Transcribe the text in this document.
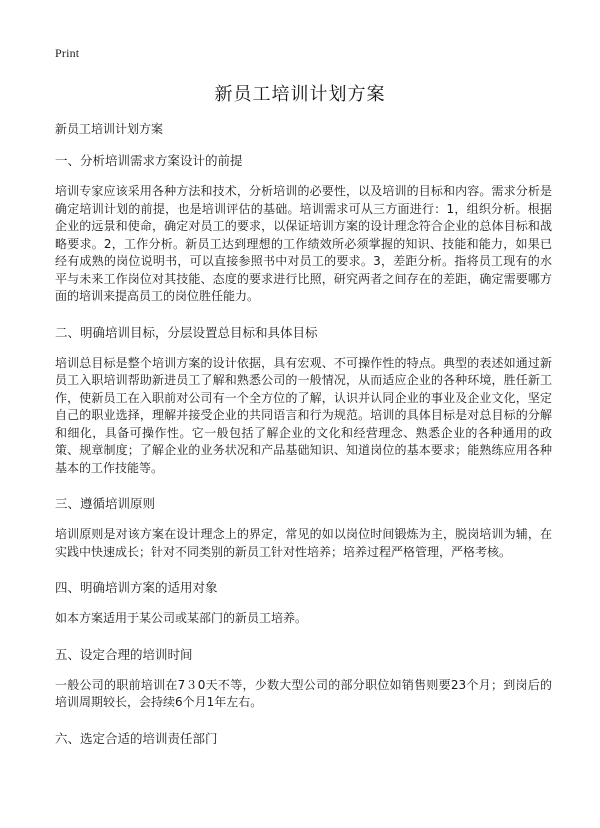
Print
新员工培训计划方案

新员工培训计划方案

一、分析培训需求方案设计的前提

培训专家应该采用各种方法和技术，分析培训的必要性，以及培训的目标和内容。需求分析是确定培训计划的前提，也是培训评估的基础。培训需求可从三方面进行：1，组织分析。根据企业的远景和使命，确定对员工的要求，以保证培训方案的设计理念符合企业的总体目标和战略要求。2，工作分析。新员工达到理想的工作绩效所必须掌握的知识、技能和能力，如果已经有成熟的岗位说明书，可以直接参照书中对员工的要求。3，差距分析。指将员工现有的水平与未来工作岗位对其技能、态度的要求进行比照，研究两者之间存在的差距，确定需要哪方面的培训来提高员工的岗位胜任能力。

二、明确培训目标，分层设置总目标和具体目标

培训总目标是整个培训方案的设计依据，具有宏观、不可操作性的特点。典型的表述如通过新员工入职培训帮助新进员工了解和熟悉公司的一般情况，从而适应企业的各种环境，胜任新工作，使新员工在入职前对公司有一个全方位的了解，认识并认同企业的事业及企业文化，坚定自己的职业选择，理解并接受企业的共同语言和行为规范。培训的具体目标是对总目标的分解和细化，具备可操作性。它一般包括了解企业的文化和经营理念、熟悉企业的各种通用的政策、规章制度；了解企业的业务状况和产品基础知识、知道岗位的基本要求；能熟练应用各种基本的工作技能等。

三、遵循培训原则

培训原则是对该方案在设计理念上的界定，常见的如以岗位时间锻炼为主，脱岗培训为辅，在实践中快速成长；针对不同类别的新员工针对性培养；培养过程严格管理，严格考核。

四、明确培训方案的适用对象

如本方案适用于某公司或某部门的新员工培养。

五、设定合理的培训时间

一般公司的职前培训在7３0天不等，少数大型公司的部分职位如销售则要23个月；到岗后的培训周期较长，会持续6个月1年左右。

六、选定合适的培训责任部门
